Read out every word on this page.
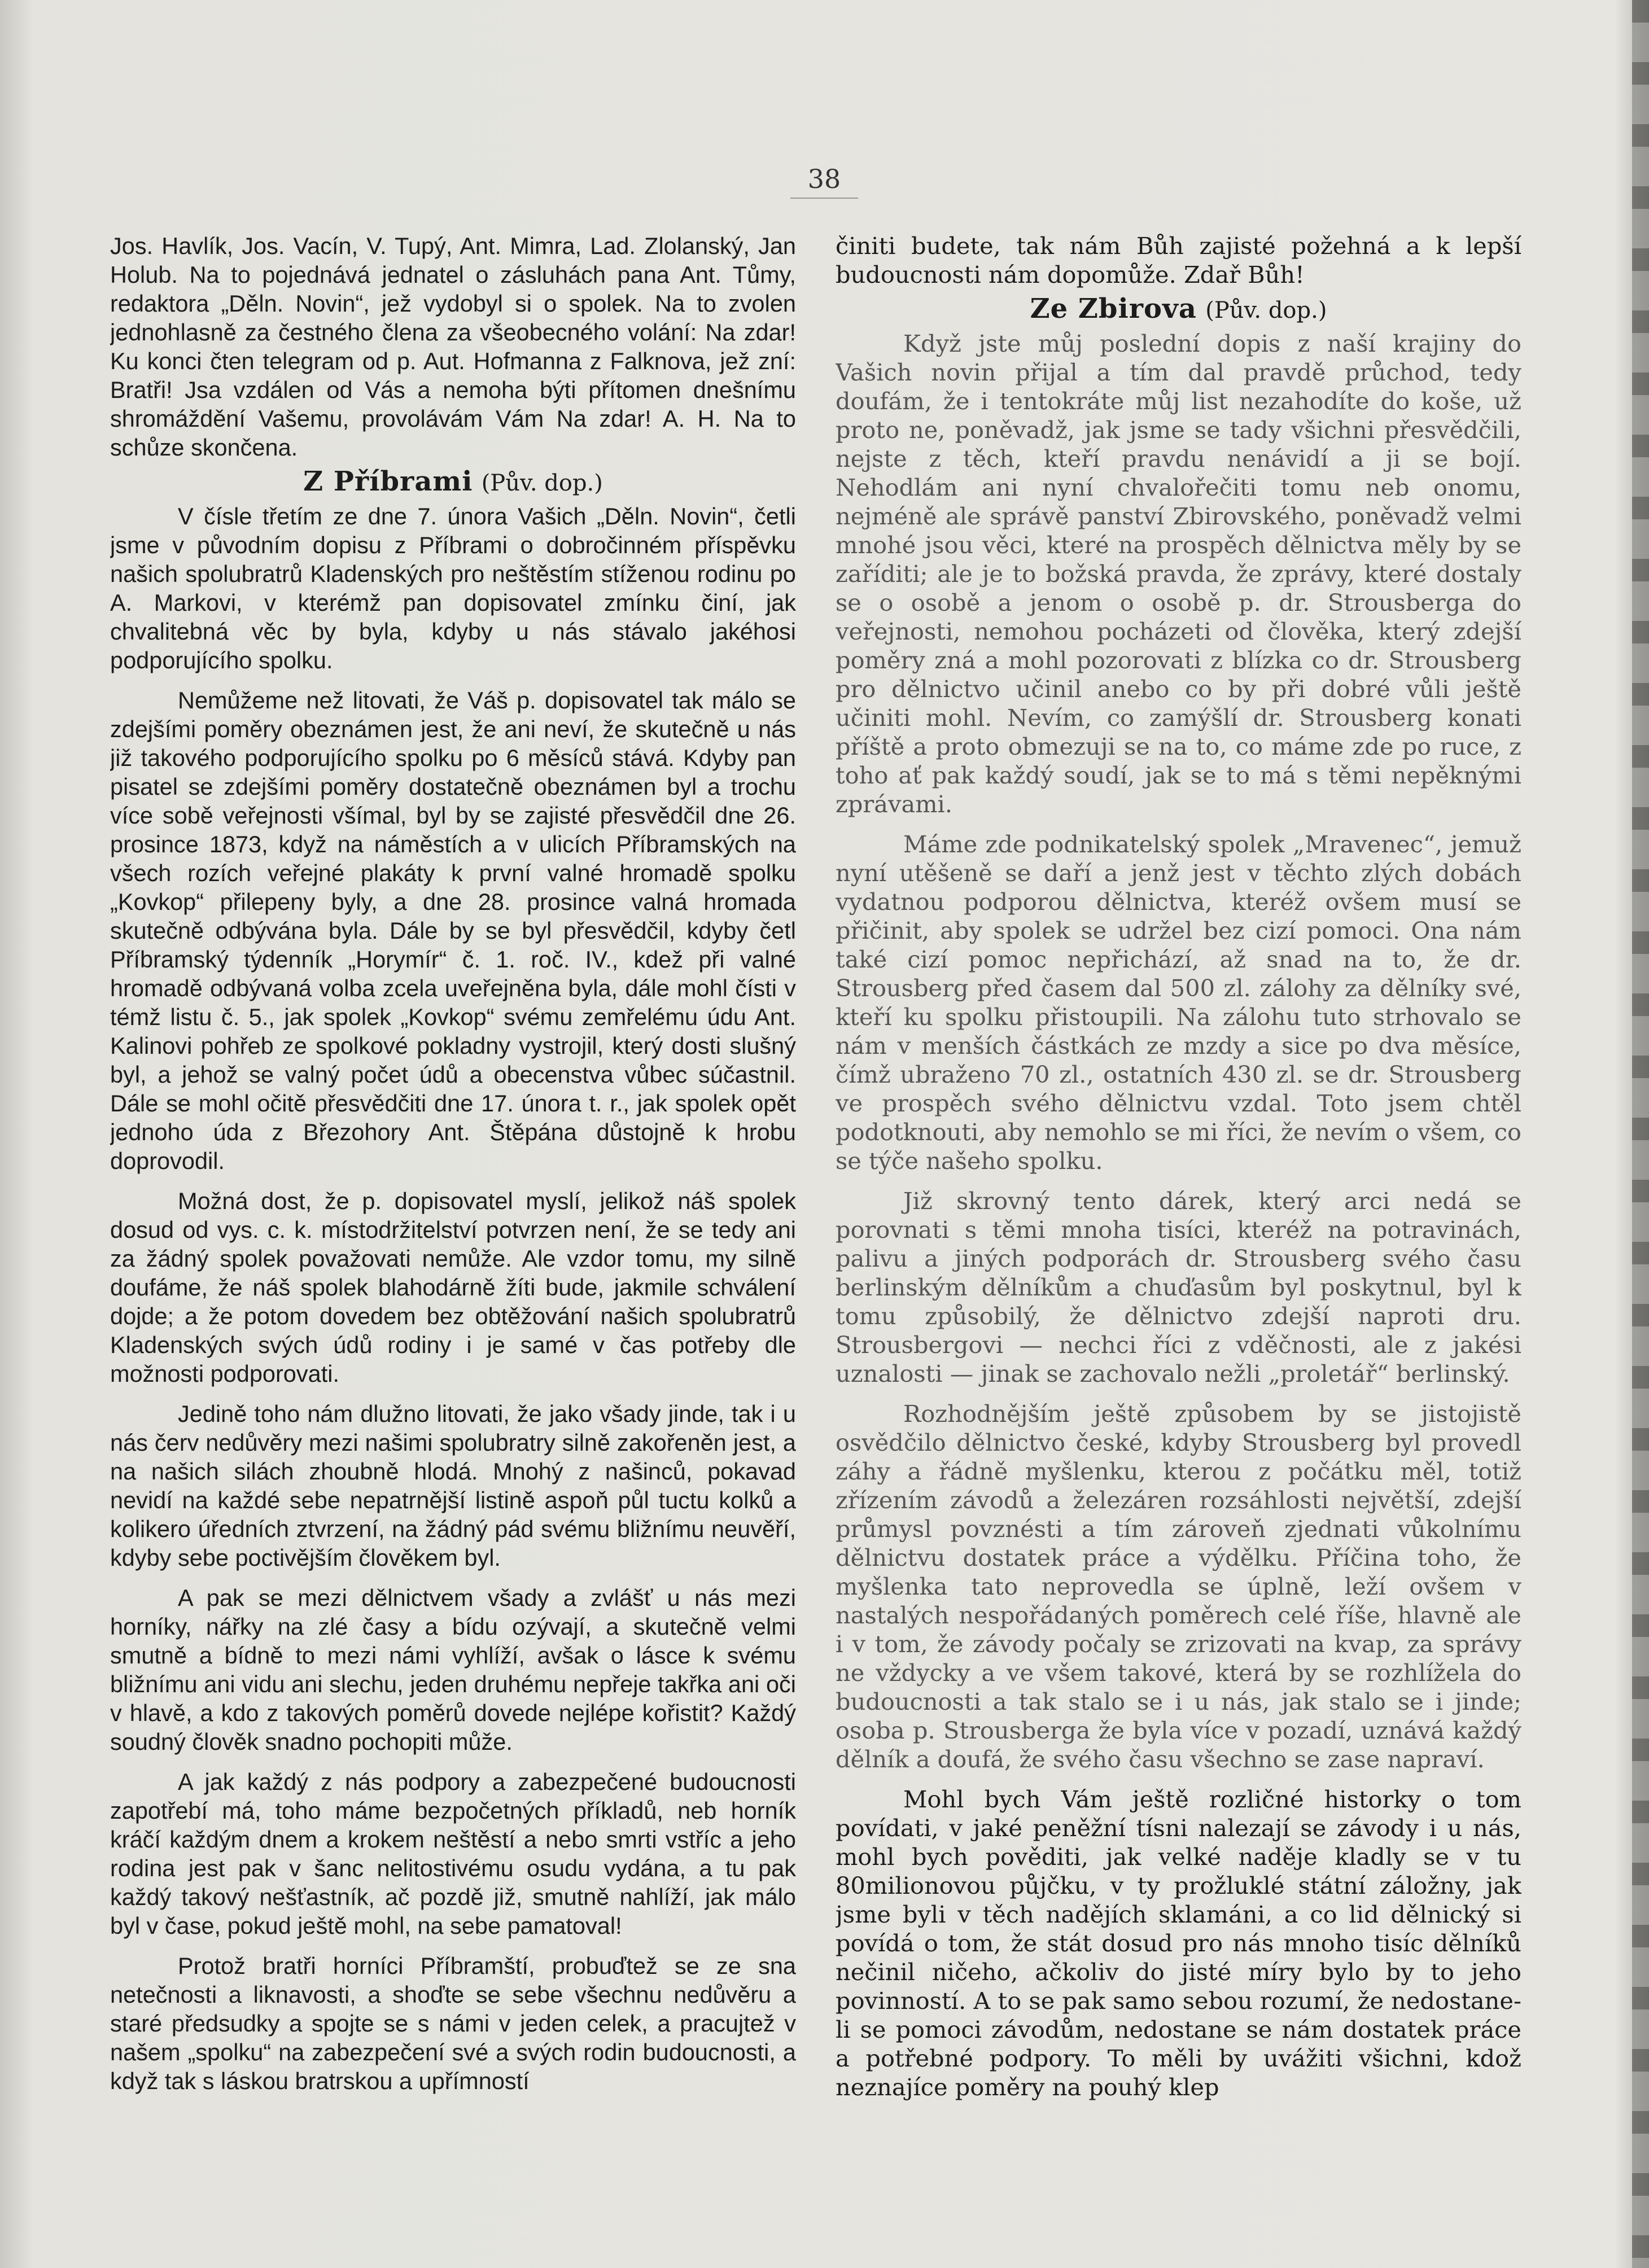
38

Jos. Havlík, Jos. Vacín, V. Tupý, Ant. Mimra, Lad. Zlolanský, Jan Holub. Na to pojednává jednatel o zásluhách pana Ant. Tůmy, redaktora „Děln. Novin“, jež vydobyl si o spolek. Na to zvolen jednohlasně za čestného člena za všeobecného volání: Na zdar! Ku konci čten telegram od p. Aut. Hofmanna z Falknova, jež zní: Bratři! Jsa vzdálen od Vás a nemoha býti přítomen dnešnímu shromáždění Vašemu, provolávám Vám Na zdar! A. H. Na to schůze skončena.

Z Příbrami (Pův. dop.)

V čísle třetím ze dne 7. února Vašich „Děln. Novin“, četli jsme v původním dopisu z Příbrami o dobročinném příspěvku našich spolubratrů Kladenských pro neštěstím stíženou rodinu po A. Markovi, v kterémž pan dopisovatel zmínku činí, jak chvalitebná věc by byla, kdyby u nás stávalo jakéhosi podporujícího spolku.

Nemůžeme než litovati, že Váš p. dopisovatel tak málo se zdejšími poměry obeznámen jest, že ani neví, že skutečně u nás již takového podporujícího spolku po 6 měsíců stává. Kdyby pan pisatel se zdejšími poměry dostatečně obeznámen byl a trochu více sobě veřejnosti všímal, byl by se zajisté přesvědčil dne 26. prosince 1873, když na náměstích a v ulicích Příbramských na všech rozích veřejné plakáty k první valné hromadě spolku „Kovkop“ přilepeny byly, a dne 28. prosince valná hromada skutečně odbývána byla. Dále by se byl přesvědčil, kdyby četl Příbramský týdenník „Horymír“ č. 1. roč. IV., kdež při valné hromadě odbývaná volba zcela uveřejněna byla, dále mohl čísti v témž listu č. 5., jak spolek „Kovkop“ svému zemřelému údu Ant. Kalinovi pohřeb ze spolkové pokladny vystrojil, který dosti slušný byl, a jehož se valný počet údů a obecenstva vůbec súčastnil. Dále se mohl očitě přesvědčiti dne 17. února t. r., jak spolek opět jednoho úda z Březohory Ant. Štěpána důstojně k hrobu doprovodil.

Možná dost, že p. dopisovatel myslí, jelikož náš spolek dosud od vys. c. k. místodržitelství potvrzen není, že se tedy ani za žádný spolek považovati nemůže. Ale vzdor tomu, my silně doufáme, že náš spolek blahodárně žíti bude, jakmile schválení dojde; a že potom dovedem bez obtěžování našich spolubratrů Kladenských svých údů rodiny i je samé v čas potřeby dle možnosti podporovati.

Jedině toho nám dlužno litovati, že jako všady jinde, tak i u nás červ nedůvěry mezi našimi spolubratry silně zakořeněn jest, a na našich silách zhoubně hlodá. Mnohý z našinců, pokavad nevidí na každé sebe nepatrnější listině aspoň půl tuctu kolků a kolikero úředních ztvrzení, na žádný pád svému bližnímu neuvěří, kdyby sebe poctivějším člověkem byl.

A pak se mezi dělnictvem všady a zvlášť u nás mezi horníky, nářky na zlé časy a bídu ozývají, a skutečně velmi smutně a bídně to mezi námi vyhlíží, avšak o lásce k svému bližnímu ani vidu ani slechu, jeden druhému nepřeje takřka ani oči v hlavě, a kdo z takových poměrů dovede nejlépe kořistit? Každý soudný člověk snadno pochopiti může.

A jak každý z nás podpory a zabezpečené budoucnosti zapotřebí má, toho máme bezpočetných příkladů, neb horník kráčí každým dnem a krokem neštěstí a nebo smrti vstříc a jeho rodina jest pak v šanc nelitostivému osudu vydána, a tu pak každý takový nešťastník, ač pozdě již, smutně nahlíží, jak málo byl v čase, pokud ještě mohl, na sebe pamatoval!

Protož bratři horníci Příbramští, probuďtež se ze sna netečnosti a liknavosti, a shoďte se sebe všechnu nedůvěru a staré předsudky a spojte se s námi v jeden celek, a pracujtež v našem „spolku“ na zabezpečení své a svých rodin budoucnosti, a když tak s láskou bratrskou a upřímností

činiti budete, tak nám Bůh zajisté požehná a k lepší budoucnosti nám dopomůže. Zdař Bůh!

Ze Zbirova (Pův. dop.)

Když jste můj poslední dopis z naší krajiny do Vašich novin přijal a tím dal pravdě průchod, tedy doufám, že i tentokráte můj list nezahodíte do koše, už proto ne, poněvadž, jak jsme se tady všichni přesvědčili, nejste z těch, kteří pravdu nenávidí a ji se bojí. Nehodlám ani nyní chvalořečiti tomu neb onomu, nejméně ale správě panství Zbirovského, poněvadž velmi mnohé jsou věci, které na prospěch dělnictva měly by se zaříditi; ale je to božská pravda, že zprávy, které dostaly se o osobě a jenom o osobě p. dr. Strousberga do veřejnosti, nemohou pocházeti od člověka, který zdejší poměry zná a mohl pozorovati z blízka co dr. Strousberg pro dělnictvo učinil anebo co by při dobré vůli ještě učiniti mohl. Nevím, co zamýšlí dr. Strousberg konati příště a proto obmezuji se na to, co máme zde po ruce, z toho ať pak každý soudí, jak se to má s těmi nepěknými zprávami.

Máme zde podnikatelský spolek „Mravenec“, jemuž nyní utěšeně se daří a jenž jest v těchto zlých dobách vydatnou podporou dělnictva, kteréž ovšem musí se přičinit, aby spolek se udržel bez cizí pomoci. Ona nám také cizí pomoc nepřichází, až snad na to, že dr. Strousberg před časem dal 500 zl. zálohy za dělníky své, kteří ku spolku přistoupili. Na zálohu tuto strhovalo se nám v menších částkách ze mzdy a sice po dva měsíce, čímž ubraženo 70 zl., ostatních 430 zl. se dr. Strousberg ve prospěch svého dělnictvu vzdal. Toto jsem chtěl podotknouti, aby nemohlo se mi říci, že nevím o všem, co se týče našeho spolku.

Již skrovný tento dárek, který arci nedá se porovnati s těmi mnoha tisíci, kteréž na potravinách, palivu a jiných podporách dr. Strousberg svého času berlinským dělníkům a chuďasům byl poskytnul, byl k tomu způsobilý, že dělnictvo zdejší naproti dru. Strousbergovi — nechci říci z vděčnosti, ale z jakési uznalosti — jinak se zachovalo nežli „proletář“ berlinský.

Rozhodnějším ještě způsobem by se jistojistě osvědčilo dělnictvo české, kdyby Strousberg byl provedl záhy a řádně myšlenku, kterou z počátku měl, totiž zřízením závodů a železáren rozsáhlosti největší, zdejší průmysl povznésti a tím zároveň zjednati vůkolnímu dělnictvu dostatek práce a výdělku. Příčina toho, že myšlenka tato neprovedla se úplně, leží ovšem v nastalých nespořádaných poměrech celé říše, hlavně ale i v tom, že závody počaly se zrizovati na kvap, za správy ne vždycky a ve všem takové, která by se rozhlížela do budoucnosti a tak stalo se i u nás, jak stalo se i jinde; osoba p. Strousberga že byla více v pozadí, uznává každý dělník a doufá, že svého času všechno se zase napraví.

Mohl bych Vám ještě rozličné historky o tom povídati, v jaké peněžní tísni nalezají se závody i u nás, mohl bych pověditi, jak velké naděje kladly se v tu 80milionovou půjčku, v ty prožluklé státní záložny, jak jsme byli v těch nadějích sklamáni, a co lid dělnický si povídá o tom, že stát dosud pro nás mnoho tisíc dělníků nečinil ničeho, ačkoliv do jisté míry bylo by to jeho povinností. A to se pak samo sebou rozumí, že nedostane-li se pomoci závodům, nedostane se nám dostatek práce a potřebné podpory. To měli by uvážiti všichni, kdož neznajíce poměry na pouhý klep
